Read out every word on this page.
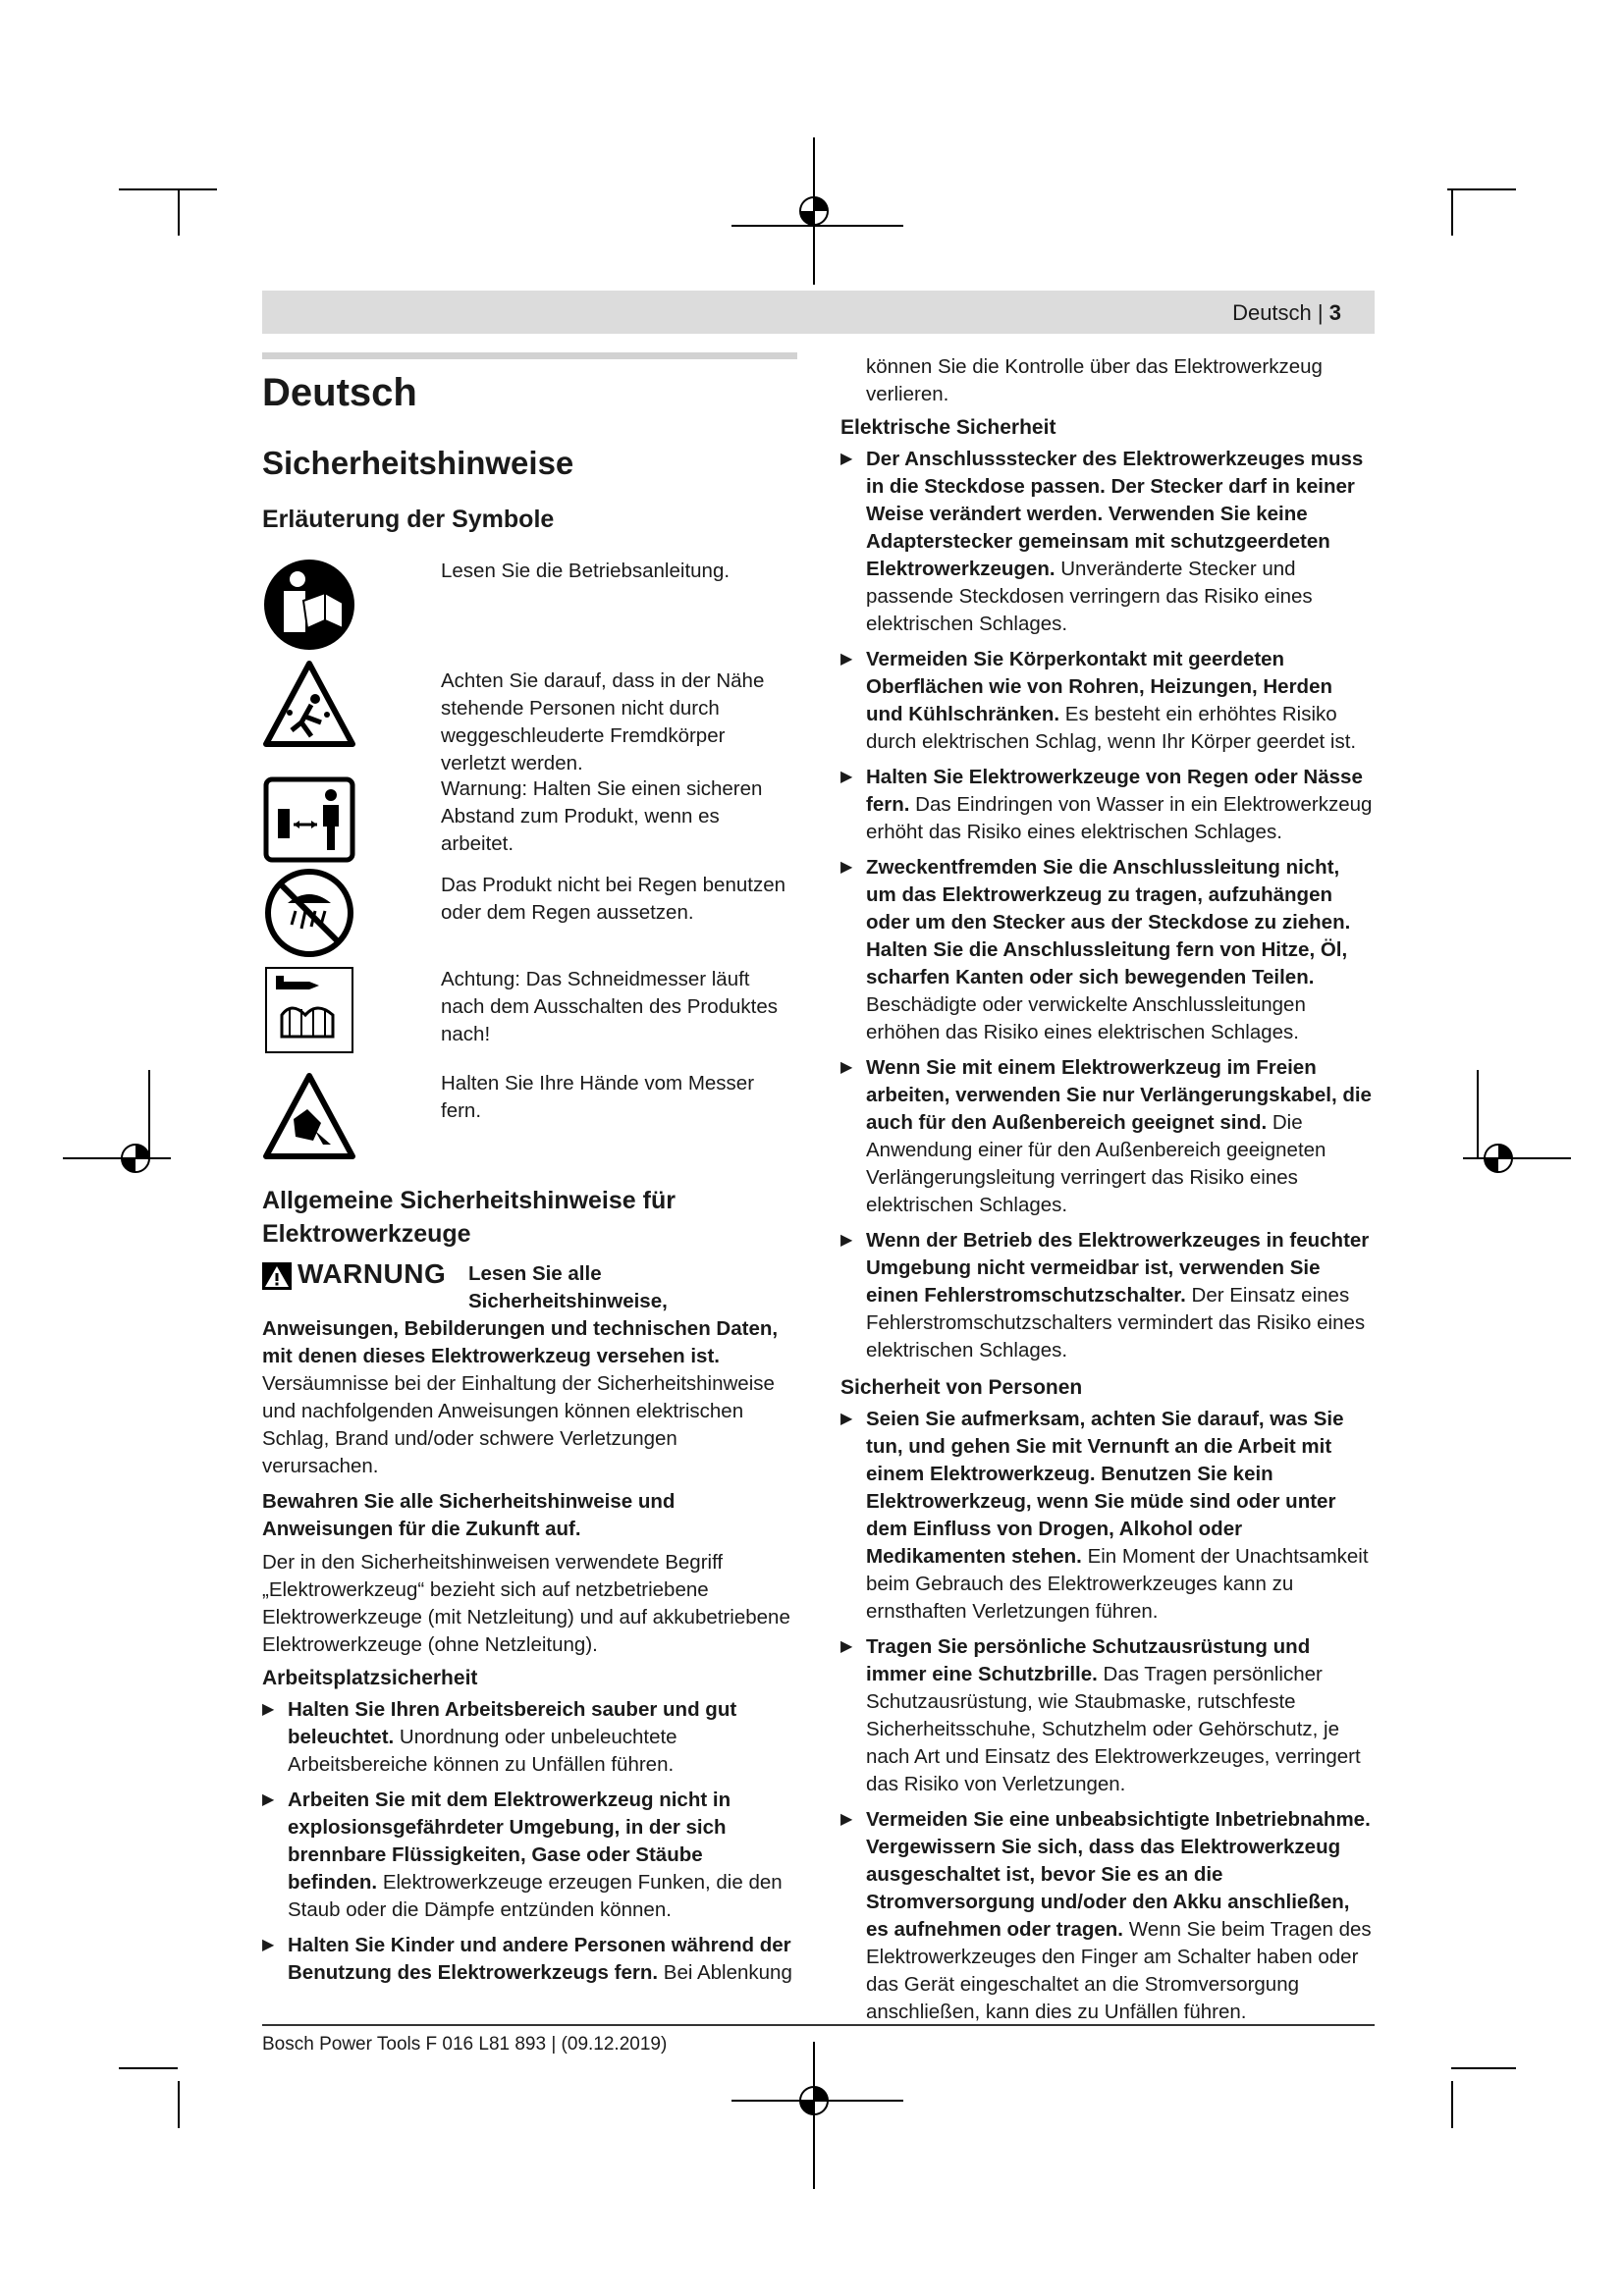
Deutsch | 3
Deutsch
Sicherheitshinweise
Erläuterung der Symbole
Lesen Sie die Betriebsanleitung.
Achten Sie darauf, dass in der Nähe stehende Personen nicht durch weggeschleuderte Fremdkörper verletzt werden.
Warnung: Halten Sie einen sicheren Abstand zum Produkt, wenn es arbeitet.
Das Produkt nicht bei Regen benutzen oder dem Regen aussetzen.
Achtung: Das Schneidmesser läuft nach dem Ausschalten des Produktes nach!
Halten Sie Ihre Hände vom Messer fern.
Allgemeine Sicherheitshinweise für Elektrowerkzeuge
WARNUNG	Lesen Sie alle Sicherheitshinweise, Anweisungen, Bebilderungen und technischen Daten, mit denen dieses Elektrowerkzeug versehen ist. Versäumnisse bei der Einhaltung der Sicherheitshinweise und nachfolgenden Anweisungen können elektrischen Schlag, Brand und/oder schwere Verletzungen verursachen.

Bewahren Sie alle Sicherheitshinweise und Anweisungen für die Zukunft auf.

Der in den Sicherheitshinweisen verwendete Begriff „Elektrowerkzeug“ bezieht sich auf netzbetriebene Elektrowerkzeuge (mit Netzleitung) und auf akkubetriebene Elektrowerkzeuge (ohne Netzleitung).

Arbeitsplatzsicherheit
▶ Halten Sie Ihren Arbeitsbereich sauber und gut beleuchtet. Unordnung oder unbeleuchtete Arbeitsbereiche können zu Unfällen führen.
▶ Arbeiten Sie mit dem Elektrowerkzeug nicht in explosionsgefährdeter Umgebung, in der sich brennbare Flüssigkeiten, Gase oder Stäube befinden. Elektrowerkzeuge erzeugen Funken, die den Staub oder die Dämpfe entzünden können.
▶ Halten Sie Kinder und andere Personen während der Benutzung des Elektrowerkzeugs fern. Bei Ablenkung

können Sie die Kontrolle über das Elektrowerkzeug verlieren.

Elektrische Sicherheit
▶ Der Anschlussstecker des Elektrowerkzeuges muss in die Steckdose passen. Der Stecker darf in keiner Weise verändert werden. Verwenden Sie keine Adapterstecker gemeinsam mit schutzgeerdeten Elektrowerkzeugen. Unveränderte Stecker und passende Steckdosen verringern das Risiko eines elektrischen Schlages.
▶ Vermeiden Sie Körperkontakt mit geerdeten Oberflächen wie von Rohren, Heizungen, Herden und Kühlschränken. Es besteht ein erhöhtes Risiko durch elektrischen Schlag, wenn Ihr Körper geerdet ist.
▶ Halten Sie Elektrowerkzeuge von Regen oder Nässe fern. Das Eindringen von Wasser in ein Elektrowerkzeug erhöht das Risiko eines elektrischen Schlages.
▶ Zweckentfremden Sie die Anschlussleitung nicht, um das Elektrowerkzeug zu tragen, aufzuhängen oder um den Stecker aus der Steckdose zu ziehen. Halten Sie die Anschlussleitung fern von Hitze, Öl, scharfen Kanten oder sich bewegenden Teilen. Beschädigte oder verwickelte Anschlussleitungen erhöhen das Risiko eines elektrischen Schlages.
▶ Wenn Sie mit einem Elektrowerkzeug im Freien arbeiten, verwenden Sie nur Verlängerungskabel, die auch für den Außenbereich geeignet sind. Die Anwendung einer für den Außenbereich geeigneten Verlängerungsleitung verringert das Risiko eines elektrischen Schlages.
▶ Wenn der Betrieb des Elektrowerkzeuges in feuchter Umgebung nicht vermeidbar ist, verwenden Sie einen Fehlerstromschutzschalter. Der Einsatz eines Fehlerstromschutzschalters vermindert das Risiko eines elektrischen Schlages.
Sicherheit von Personen
▶ Seien Sie aufmerksam, achten Sie darauf, was Sie tun, und gehen Sie mit Vernunft an die Arbeit mit einem Elektrowerkzeug. Benutzen Sie kein Elektrowerkzeug, wenn Sie müde sind oder unter dem Einfluss von Drogen, Alkohol oder Medikamenten stehen. Ein Moment der Unachtsamkeit beim Gebrauch des Elektrowerkzeuges kann zu ernsthaften Verletzungen führen.
▶ Tragen Sie persönliche Schutzausrüstung und immer eine Schutzbrille. Das Tragen persönlicher Schutzausrüstung, wie Staubmaske, rutschfeste Sicherheitsschuhe, Schutzhelm oder Gehörschutz, je nach Art und Einsatz des Elektrowerkzeuges, verringert das Risiko von Verletzungen.
▶ Vermeiden Sie eine unbeabsichtigte Inbetriebnahme. Vergewissern Sie sich, dass das Elektrowerkzeug ausgeschaltet ist, bevor Sie es an die Stromversorgung und/oder den Akku anschließen, es aufnehmen oder tragen. Wenn Sie beim Tragen des Elektrowerkzeuges den Finger am Schalter haben oder das Gerät eingeschaltet an die Stromversorgung anschließen, kann dies zu Unfällen führen.
Bosch Power Tools F 016 L81 893 | (09.12.2019)
